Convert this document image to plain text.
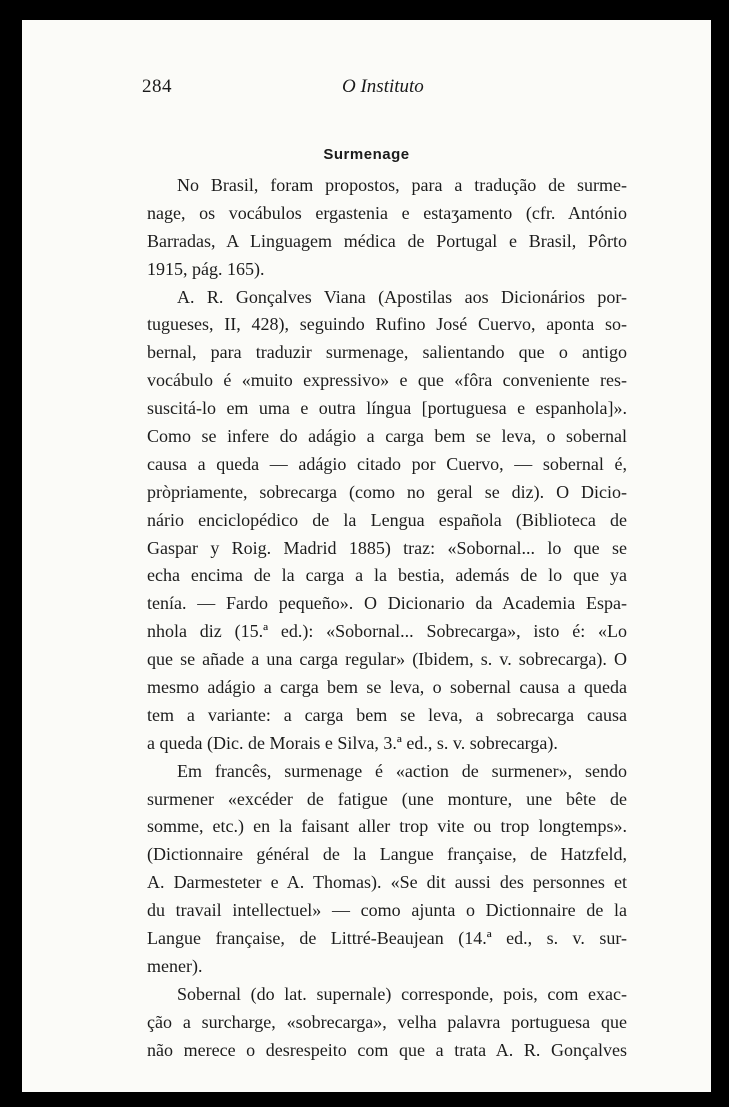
284	O Instituto
Surmenage

No Brasil, foram propostos, para a tradução de surme-
nage, os vocábulos ergastenia e estaʒamento (cfr. António
Barradas, A Linguagem médica de Portugal e Brasil, Pôrto
1915, pág. 165).

A. R. Gonçalves Viana (Apostilas aos Dicionários por-
tugueses, II, 428), seguindo Rufino José Cuervo, aponta so-
bernal, para traduzir surmenage, salientando que o antigo
vocábulo é «muito expressivo» e que «fôra conveniente res-
suscitá-lo em uma e outra língua [portuguesa e espanhola]».
Como se infere do adágio a carga bem se leva, o sobernal
causa a queda — adágio citado por Cuervo, — sobernal é,
pròpriamente, sobrecarga (como no geral se diz). O Dicio-
nário enciclopédico de la Lengua española (Biblioteca de
Gaspar y Roig. Madrid 1885) traz: «Sobornal... lo que se
echa encima de la carga a la bestia, además de lo que ya
tenía. — Fardo pequeño». O Dicionario da Academia Espa-
nhola diz (15.ª ed.): «Sobornal... Sobrecarga», isto é: «Lo
que se añade a una carga regular» (Ibidem, s. v. sobrecarga). O
mesmo adágio a carga bem se leva, o sobernal causa a queda
tem a variante: a carga bem se leva, a sobrecarga causa
a queda (Dic. de Morais e Silva, 3.ª ed., s. v. sobrecarga).

Em francês, surmenage é «action de surmener», sendo
surmener «excéder de fatigue (une monture, une bête de
somme, etc.) en la faisant aller trop vite ou trop longtemps».
(Dictionnaire général de la Langue française, de Hatzfeld,
A. Darmesteter e A. Thomas). «Se dit aussi des personnes et
du travail intellectuel» — como ajunta o Dictionnaire de la
Langue française, de Littré-Beaujean (14.ª ed., s. v. sur-
mener).

Sobernal (do lat. supernale) corresponde, pois, com exac-
ção a surcharge, «sobrecarga», velha palavra portuguesa que
não merece o desrespeito com que a trata A. R. Gonçalves
